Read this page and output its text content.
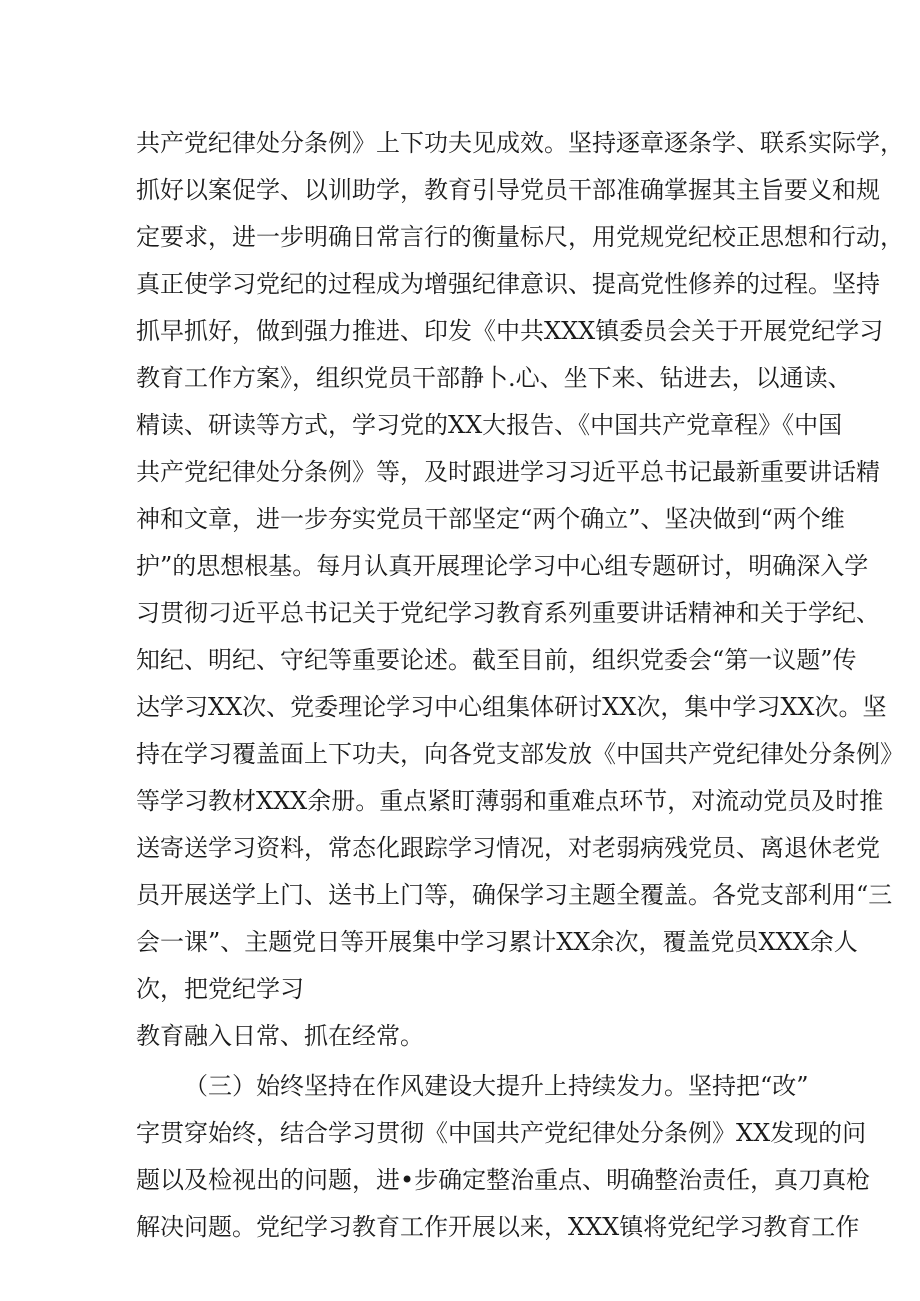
共产党纪律处分条例》上下功夫见成效。坚持逐章逐条学、联系实际学，
抓好以案促学、以训助学，教育引导党员干部准确掌握其主旨要义和规
定要求，进一步明确日常言行的衡量标尺，用党规党纪校正思想和行动，
真正使学习党纪的过程成为增强纪律意识、提高党性修养的过程。坚持
抓早抓好，做到强力推进、印发《中共XXX镇委员会关于开展党纪学习
教育工作方案》，组织党员干部静卜.心、坐下来、钻进去，以通读、
精读、研读等方式，学习党的XX大报告、《中国共产党章程》《中国
共产党纪律处分条例》等，及时跟进学习习近平总书记最新重要讲话精
神和文章，进一步夯实党员干部坚定“两个确立”、坚决做到“两个维
护”的思想根基。每月认真开展理论学习中心组专题研讨，明确深入学
习贯彻刁近平总书记关于党纪学习教育系列重要讲话精神和关于学纪、
知纪、明纪、守纪等重要论述。截至目前，组织党委会“第一议题”传
达学习XX次、党委理论学习中心组集体研讨XX次，集中学习XX次。坚
持在学习覆盖面上下功夫，向各党支部发放《中国共产党纪律处分条例》
等学习教材XXX余册。重点紧盯薄弱和重难点环节，对流动党员及时推
送寄送学习资料，常态化跟踪学习情况，对老弱病残党员、离退休老党
员开展送学上门、送书上门等，确保学习主题全覆盖。各党支部利用“三
会一课”、主题党日等开展集中学习累计XX余次，覆盖党员XXX余人
次，把党纪学习
教育融入日常、抓在经常。
（三）始终坚持在作风建设大提升上持续发力。坚持把“改”
字贯穿始终，结合学习贯彻《中国共产党纪律处分条例》XX发现的问
题以及检视出的问题，进•步确定整治重点、明确整治责任，真刀真枪
解决问题。党纪学习教育工作开展以来，XXX镇将党纪学习教育工作
